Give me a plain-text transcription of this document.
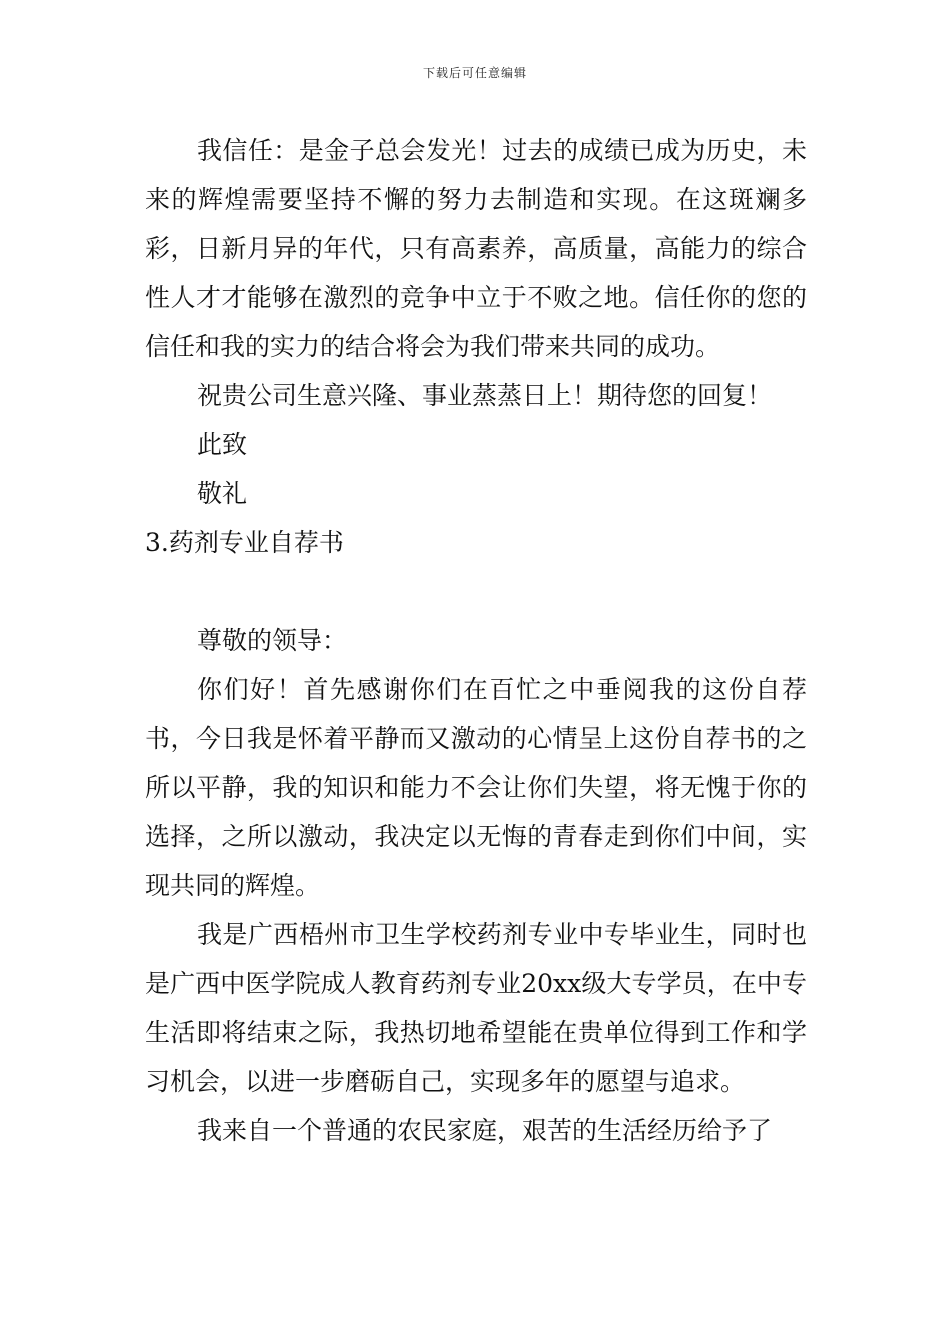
下载后可任意编辑

我信任：是金子总会发光！过去的成绩已成为历史，未来的辉煌需要坚持不懈的努力去制造和实现。在这斑斓多彩，日新月异的年代，只有高素养，高质量，高能力的综合性人才才能够在激烈的竞争中立于不败之地。信任你的您的信任和我的实力的结合将会为我们带来共同的成功。

祝贵公司生意兴隆、事业蒸蒸日上！期待您的回复！

此致

敬礼

3.药剂专业自荐书

尊敬的领导：

你们好！首先感谢你们在百忙之中垂阅我的这份自荐书，今日我是怀着平静而又激动的心情呈上这份自荐书的之所以平静，我的知识和能力不会让你们失望，将无愧于你的选择，之所以激动，我决定以无悔的青春走到你们中间，实现共同的辉煌。

我是广西梧州市卫生学校药剂专业中专毕业生，同时也是广西中医学院成人教育药剂专业20xx级大专学员，在中专生活即将结束之际，我热切地希望能在贵单位得到工作和学习机会，以进一步磨砺自己，实现多年的愿望与追求。

我来自一个普通的农民家庭，艰苦的生活经历给予了
